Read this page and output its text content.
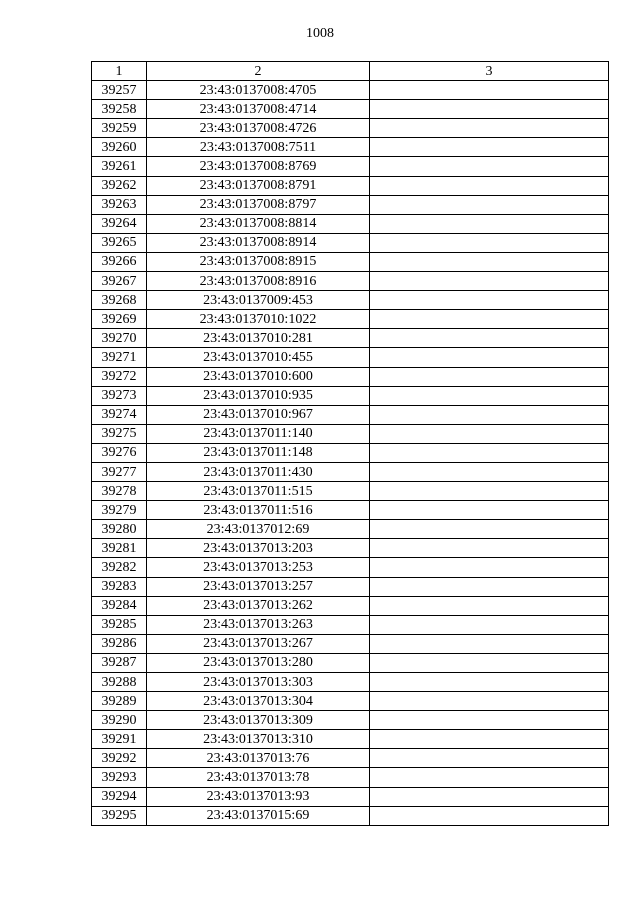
1008
1	2	3
39257	23:43:0137008:4705	
39258	23:43:0137008:4714	
39259	23:43:0137008:4726	
39260	23:43:0137008:7511	
39261	23:43:0137008:8769	
39262	23:43:0137008:8791	
39263	23:43:0137008:8797	
39264	23:43:0137008:8814	
39265	23:43:0137008:8914	
39266	23:43:0137008:8915	
39267	23:43:0137008:8916	
39268	23:43:0137009:453	
39269	23:43:0137010:1022	
39270	23:43:0137010:281	
39271	23:43:0137010:455	
39272	23:43:0137010:600	
39273	23:43:0137010:935	
39274	23:43:0137010:967	
39275	23:43:0137011:140	
39276	23:43:0137011:148	
39277	23:43:0137011:430	
39278	23:43:0137011:515	
39279	23:43:0137011:516	
39280	23:43:0137012:69	
39281	23:43:0137013:203	
39282	23:43:0137013:253	
39283	23:43:0137013:257	
39284	23:43:0137013:262	
39285	23:43:0137013:263	
39286	23:43:0137013:267	
39287	23:43:0137013:280	
39288	23:43:0137013:303	
39289	23:43:0137013:304	
39290	23:43:0137013:309	
39291	23:43:0137013:310	
39292	23:43:0137013:76	
39293	23:43:0137013:78	
39294	23:43:0137013:93	
39295	23:43:0137015:69	
